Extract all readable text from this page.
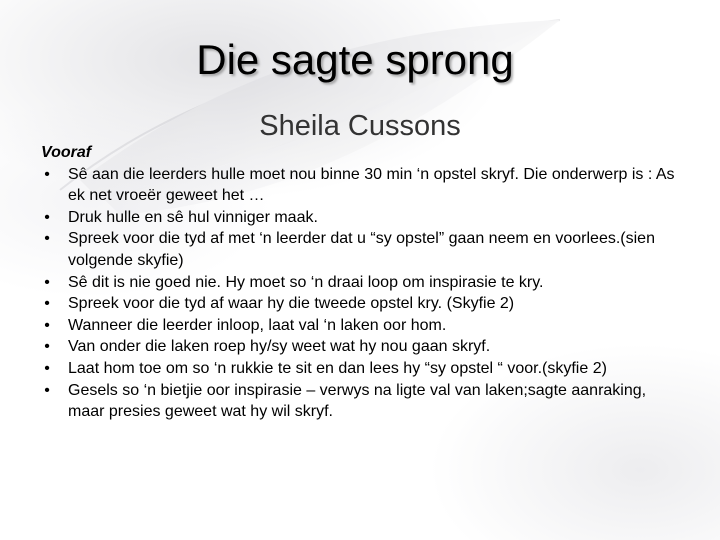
Die sagte sprong
Sheila Cussons
Vooraf
• Sê aan die leerders hulle moet nou binne 30 min ‘n opstel skryf. Die onderwerp is : As ek net vroeër geweet het …
• Druk hulle en sê hul vinniger maak.
• Spreek voor die tyd af met ‘n leerder dat u “sy opstel” gaan neem en voorlees.(sien volgende skyfie)
• Sê dit is nie goed nie. Hy moet so ‘n draai loop om inspirasie te kry.
• Spreek voor die tyd af waar hy die tweede opstel kry. (Skyfie 2)
• Wanneer die leerder inloop, laat val ‘n laken oor hom.
• Van onder die laken roep hy/sy weet wat hy nou gaan skryf.
• Laat hom toe om so ‘n rukkie te sit en dan lees hy “sy opstel “ voor.(skyfie 2)
• Gesels so ‘n bietjie oor inspirasie – verwys na ligte val van laken;sagte aanraking, maar presies geweet wat hy wil skryf.
